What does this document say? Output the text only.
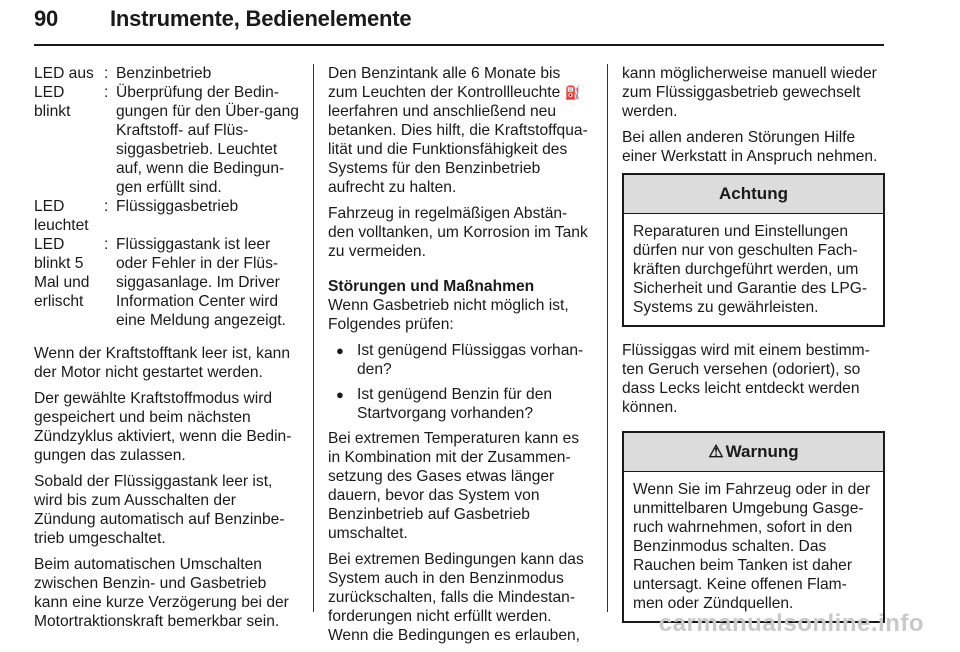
90 Instrumente, Bedienelemente
LED aus : Benzinbetrieb
LED blinkt
: Überprüfung der Bedin-gungen für den Über-gang Kraftstoff- auf Flüs-siggasbetrieb. Leuchtet auf, wenn die Bedingun-gen erfüllt sind.
LED leuchtet
: Flüssiggasbetrieb
LED blinkt 5 Mal und erlischt
: Flüssiggastank ist leer oder Fehler in der Flüs-siggasanlage. Im Driver Information Center wird eine Meldung angezeigt.

Wenn der Kraftstofftank leer ist, kann der Motor nicht gestartet werden.

Der gewählte Kraftstoffmodus wird gespeichert und beim nächsten Zündzyklus aktiviert, wenn die Bedin-gungen das zulassen.

Sobald der Flüssiggastank leer ist, wird bis zum Ausschalten der Zündung automatisch auf Benzinbe-trieb umgeschaltet.

Beim automatischen Umschalten zwischen Benzin- und Gasbetrieb kann eine kurze Verzögerung bei der Motortraktionskraft bemerkbar sein.

Den Benzintank alle 6 Monate bis zum Leuchten der Kontrollleuchte ⛽ leerfahren und anschließend neu betanken. Dies hilft, die Kraftstoffqua-lität und die Funktionsfähigkeit des Systems für den Benzinbetrieb aufrecht zu halten.

Fahrzeug in regelmäßigen Abstän-den volltanken, um Korrosion im Tank zu vermeiden.

Störungen und Maßnahmen

Wenn Gasbetrieb nicht möglich ist, Folgendes prüfen:

● Ist genügend Flüssiggas vorhan-den?
● Ist genügend Benzin für den Startvorgang vorhanden?

Bei extremen Temperaturen kann es in Kombination mit der Zusammen-setzung des Gases etwas länger dauern, bevor das System von Benzinbetrieb auf Gasbetrieb umschaltet.

Bei extremen Bedingungen kann das System auch in den Benzinmodus zurückschalten, falls die Mindestan-forderungen nicht erfüllt werden. Wenn die Bedingungen es erlauben,

kann möglicherweise manuell wieder zum Flüssiggasbetrieb gewechselt werden.

Bei allen anderen Störungen Hilfe einer Werkstatt in Anspruch nehmen.

Achtung
Reparaturen und Einstellungen dürfen nur von geschulten Fach-kräften durchgeführt werden, um Sicherheit und Garantie des LPG-Systems zu gewährleisten.

Flüssiggas wird mit einem bestimm-ten Geruch versehen (odoriert), so dass Lecks leicht entdeckt werden können.

⚠ Warnung
Wenn Sie im Fahrzeug oder in der unmittelbaren Umgebung Gasge-ruch wahrnehmen, sofort in den Benzinmodus schalten. Das Rauchen beim Tanken ist daher untersagt. Keine offenen Flam-men oder Zündquellen.
carmanualsonline.info
